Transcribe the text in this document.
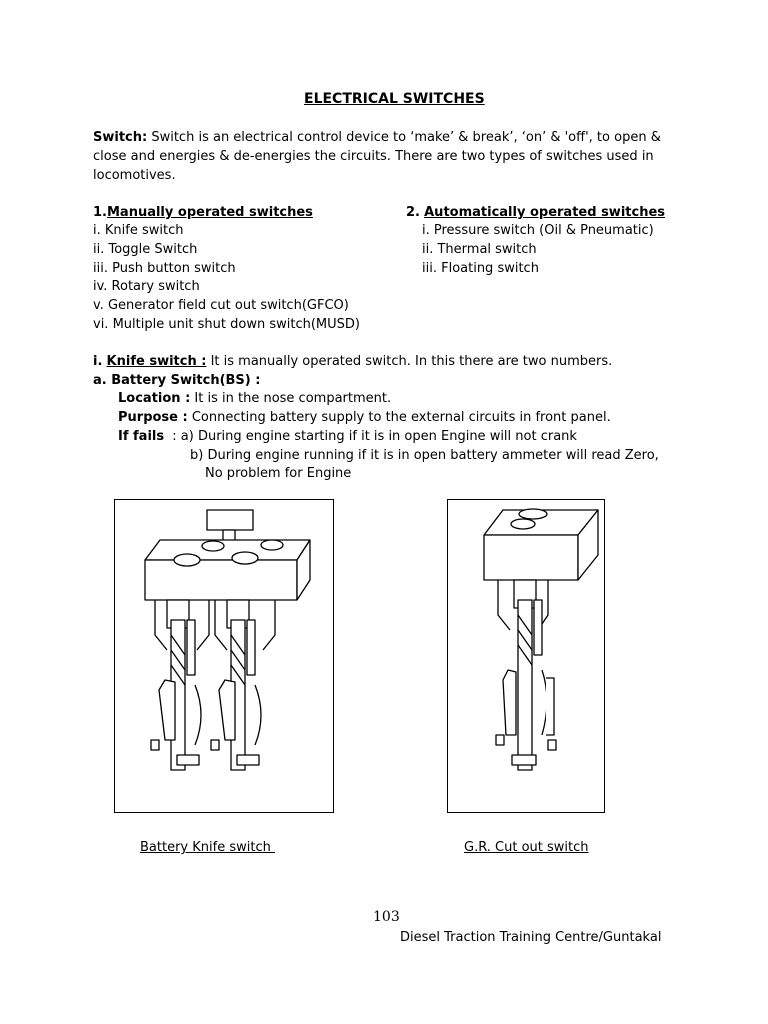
ELECTRICAL SWITCHES
Switch: Switch is an electrical control device to ‘make’ & break’, ‘on’ & 'off', to open & close and energies & de-energies the circuits. There are two types of switches used in locomotives.
1.Manually operated switches
i. Knife switch
ii. Toggle Switch
iii. Push button switch
iv. Rotary switch
v. Generator field cut out switch(GFCO)
vi. Multiple unit shut down switch(MUSD)
2. Automatically operated switches
i. Pressure switch (Oil & Pneumatic)
ii. Thermal switch
iii. Floating switch
i. Knife switch : It is manually operated switch. In this there are two numbers.
a. Battery Switch(BS) :
Location : It is in the nose compartment.
Purpose : Connecting battery supply to the external circuits in front panel.
If fails : a) During engine starting if it is in open Engine will not crank
b) During engine running if it is in open battery ammeter will read Zero,
No problem for Engine
Battery Knife switch	G.R. Cut out switch
103
Diesel Traction Training Centre/Guntakal
